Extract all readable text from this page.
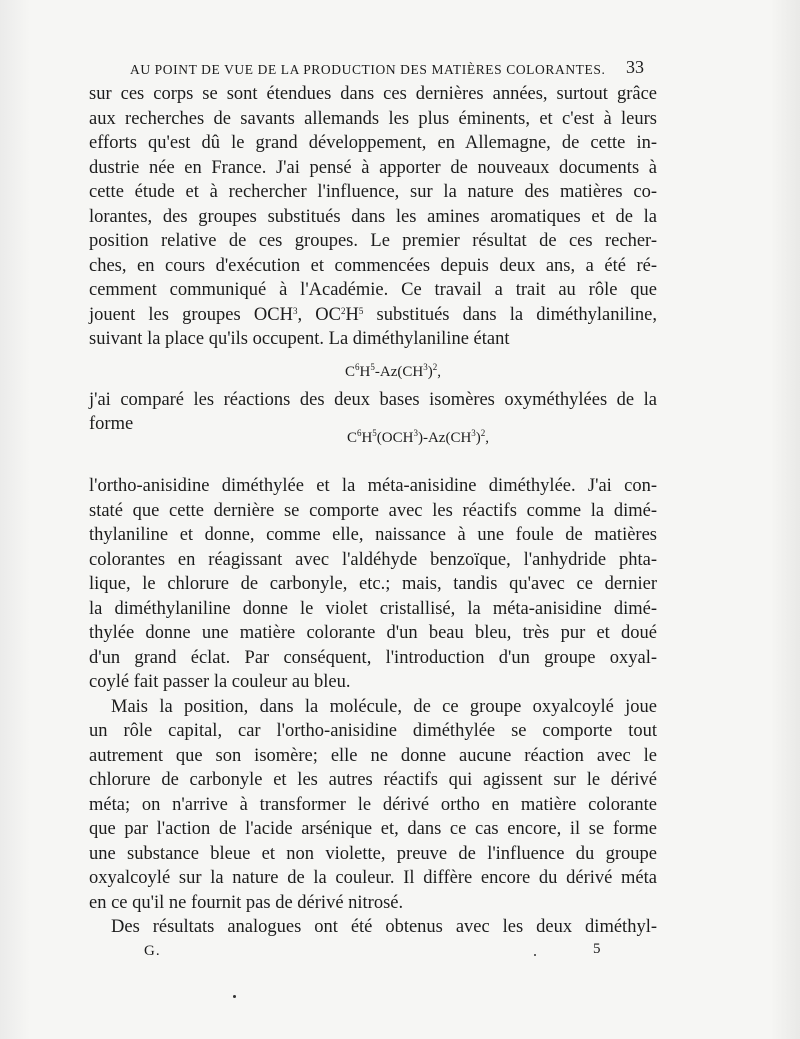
AU POINT DE VUE DE LA PRODUCTION DES MATIÈRES COLORANTES.	33
sur ces corps se sont étendues dans ces dernières années, surtout grâce
aux recherches de savants allemands les plus éminents, et c'est à leurs
efforts qu'est dû le grand développement, en Allemagne, de cette in-
dustrie née en France. J'ai pensé à apporter de nouveaux documents à
cette étude et à rechercher l'influence, sur la nature des matières co-
lorantes, des groupes substitués dans les amines aromatiques et de la
position relative de ces groupes. Le premier résultat de ces recher-
ches, en cours d'exécution et commencées depuis deux ans, a été ré-
cemment communiqué à l'Académie. Ce travail a trait au rôle que
jouent les groupes OCH$^3$, $OC^2H^5$ substitués dans la diméthylaniline,
suivant la place qu'ils occupent. La diméthylaniline étant
$C^6H^5-Az(CH^3)^2$,
j'ai comparé les réactions des deux bases isomères oxyméthylées de la
forme
$C^6H^5(OCH^3)-Az(CH^3)^2$,
l'ortho-anisidine diméthylée et la méta-anisidine diméthylée. J'ai con-
staté que cette dernière se comporte avec les réactifs comme la dimé-
thylaniline et donne, comme elle, naissance à une foule de matières
colorantes en réagissant avec l'aldéhyde benzoïque, l'anhydride phta-
lique, le chlorure de carbonyle, etc.; mais, tandis qu'avec ce dernier
la diméthylaniline donne le violet cristallisé, la méta-anisidine dimé-
thylée donne une matière colorante d'un beau bleu, très pur et doué
d'un grand éclat. Par conséquent, l'introduction d'un groupe oxyal-
coylé fait passer la couleur au bleu.
Mais la position, dans la molécule, de ce groupe oxyalcoylé joue
un rôle capital, car l'ortho-anisidine diméthylée se comporte tout
autrement que son isomère; elle ne donne aucune réaction avec le
chlorure de carbonyle et les autres réactifs qui agissent sur le dérivé
méta; on n'arrive à transformer le dérivé ortho en matière colorante
que par l'action de l'acide arsénique et, dans ce cas encore, il se forme
une substance bleue et non violette, preuve de l'influence du groupe
oxyalcoylé sur la nature de la couleur. Il diffère encore du dérivé méta
en ce qu'il ne fournit pas de dérivé nitrosé.
Des résultats analogues ont été obtenus avec les deux diméthyl-
G.	5
